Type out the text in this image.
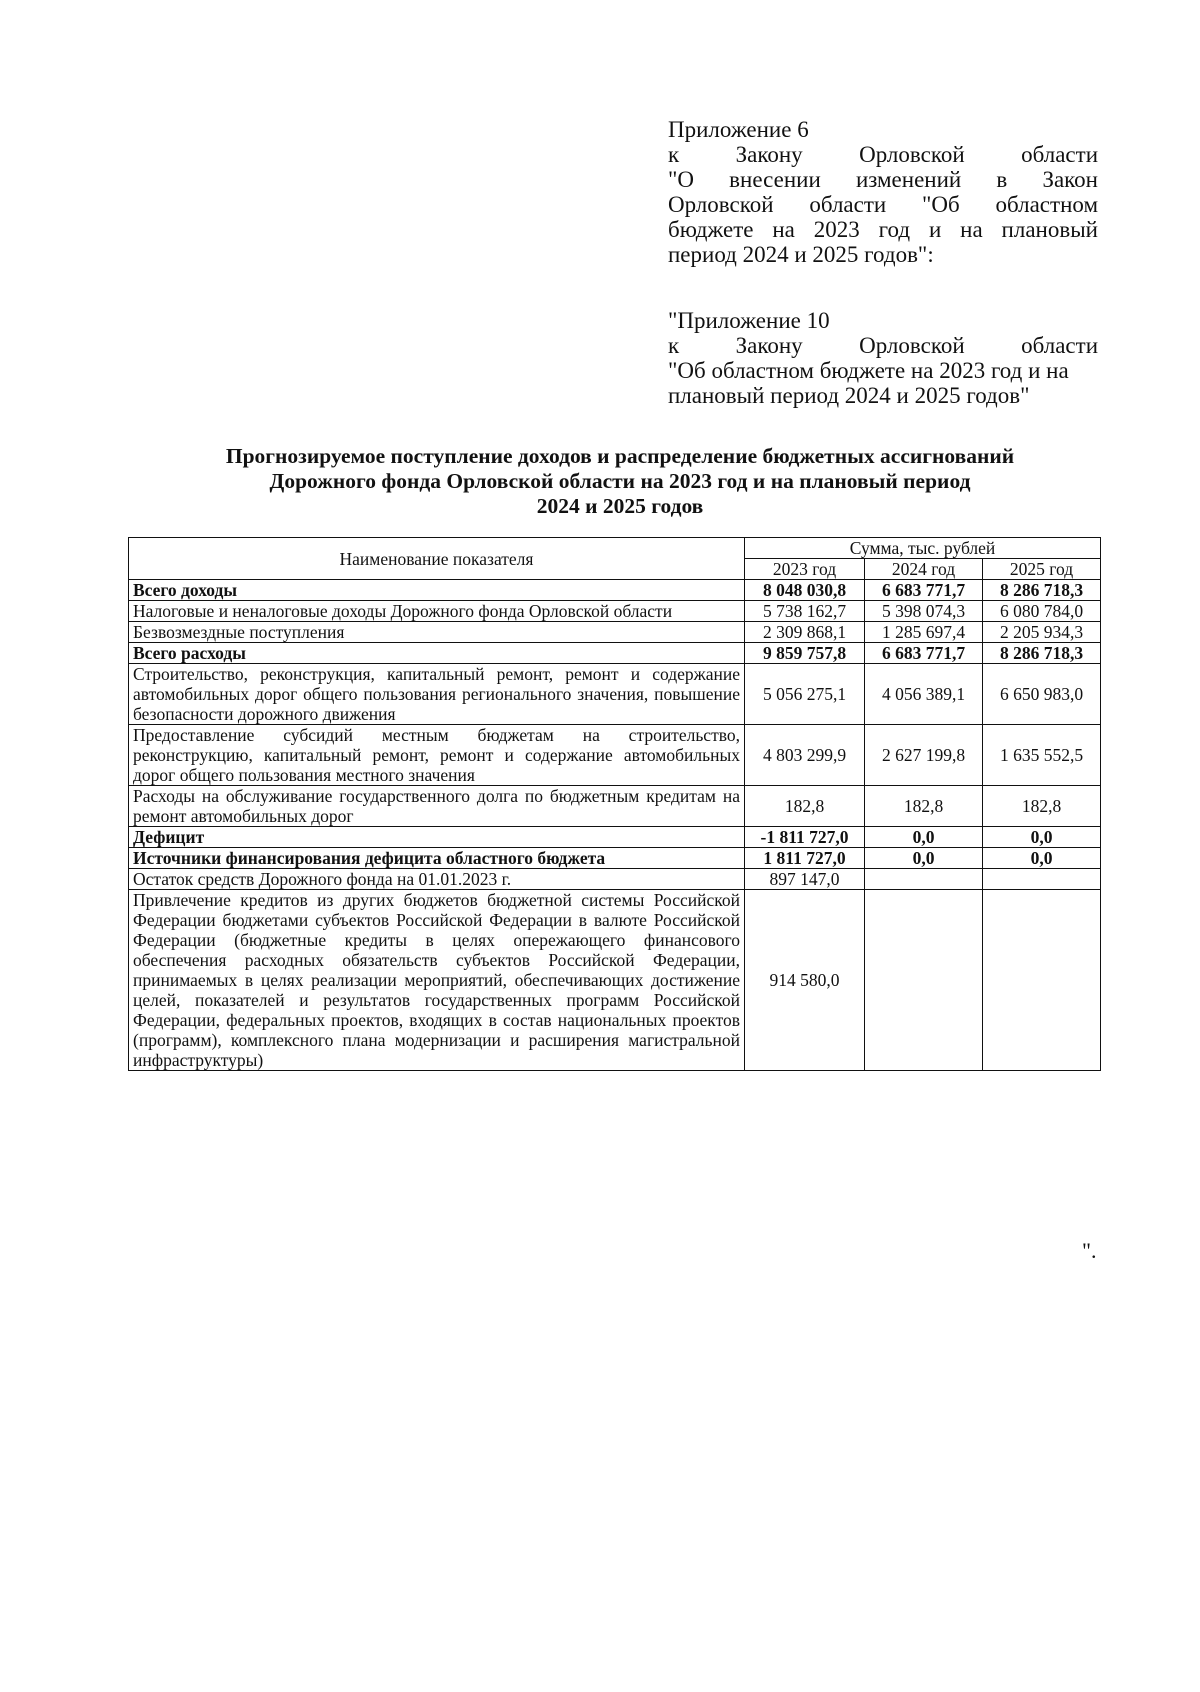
Приложение 6
к Закону Орловской области
"О внесении изменений в Закон
Орловской области "Об областном
бюджете на 2023 год и на плановый
период 2024 и 2025 годов":
"Приложение 10
к Закону Орловской области
"Об областном бюджете на 2023 год и на
плановый период 2024 и 2025 годов"
Прогнозируемое поступление доходов и распределение бюджетных ассигнований
Дорожного фонда Орловской области на 2023 год и на плановый период
2024 и 2025 годов
Наименование показателя	Сумма, тыс. рублей		
	2023 год	2024 год	2025 год
Всего доходы	8 048 030,8	6 683 771,7	8 286 718,3
Налоговые и неналоговые доходы Дорожного фонда Орловской области	5 738 162,7	5 398 074,3	6 080 784,0
Безвозмездные поступления	2 309 868,1	1 285 697,4	2 205 934,3
Всего расходы	9 859 757,8	6 683 771,7	8 286 718,3
Строительство, реконструкция, капитальный ремонт, ремонт и содержание автомобильных дорог общего пользования регионального значения, повышение безопасности дорожного движения	5 056 275,1	4 056 389,1	6 650 983,0
Предоставление субсидий местным бюджетам на строительство, реконструкцию, капитальный ремонт, ремонт и содержание автомобильных дорог общего пользования местного значения	4 803 299,9	2 627 199,8	1 635 552,5
Расходы на обслуживание государственного долга по бюджетным кредитам на ремонт автомобильных дорог	182,8	182,8	182,8
Дефицит	-1 811 727,0	0,0	0,0
Источники финансирования дефицита областного бюджета	1 811 727,0	0,0	0,0
Остаток средств Дорожного фонда на 01.01.2023 г.	897 147,0		
Привлечение кредитов из других бюджетов бюджетной системы Российской Федерации бюджетами субъектов Российской Федерации в валюте Российской Федерации (бюджетные кредиты в целях опережающего финансового обеспечения расходных обязательств субъектов Российской Федерации, принимаемых в целях реализации мероприятий, обеспечивающих достижение целей, показателей и результатов государственных программ Российской Федерации, федеральных проектов, входящих в состав национальных проектов (программ), комплексного плана модернизации и расширения магистральной инфраструктуры)	914 580,0		
".
